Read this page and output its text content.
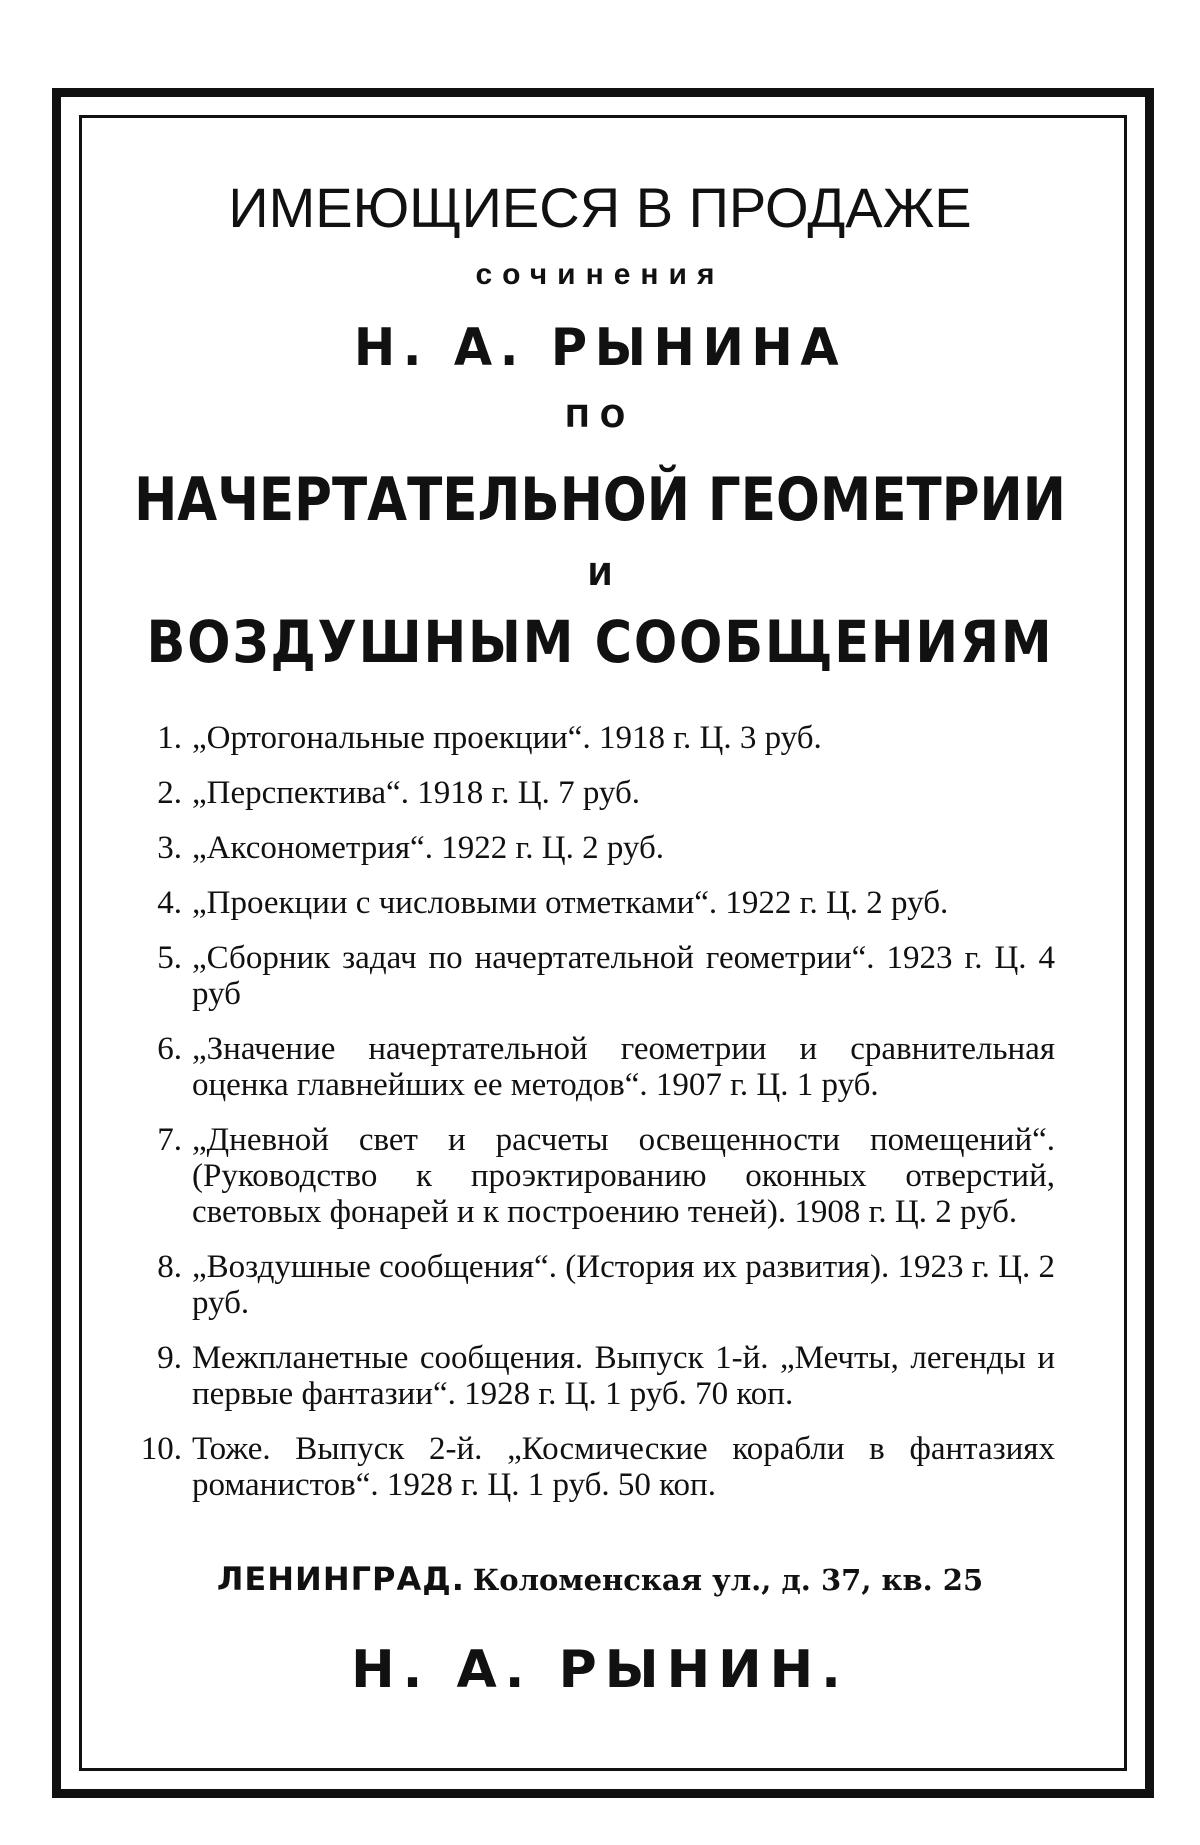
ИМЕЮЩИЕСЯ В ПРОДАЖЕ
сочинения
Н. А. РЫНИНА
ПО
НАЧЕРТАТЕЛЬНОЙ ГЕОМЕТРИИ
И
ВОЗДУШНЫМ СООБЩЕНИЯМ
1. „Ортогональные проекции“. 1918 г. Ц. 3 руб.
2. „Перспектива“. 1918 г. Ц. 7 руб.
3. „Аксонометрия“. 1922 г. Ц. 2 руб.
4. „Проекции с числовыми отметками“. 1922 г. Ц. 2 руб.
5. „Сборник задач по начертательной геометрии“. 1923 г. Ц. 4 руб
6. „Значение начертательной геометрии и сравнительная оценка главнейших ее методов“. 1907 г. Ц. 1 руб.
7. „Дневной свет и расчеты освещенности помещений“. (Руководство к проэктированию оконных отверстий, световых фонарей и к построению теней). 1908 г. Ц. 2 руб.
8. „Воздушные сообщения“. (История их развития). 1923 г. Ц. 2 руб.
9. Межпланетные сообщения. Выпуск 1-й. „Мечты, легенды и первые фантазии“. 1928 г. Ц. 1 руб. 70 коп.
10. Тоже. Выпуск 2-й. „Космические корабли в фантазиях романистов“. 1928 г. Ц. 1 руб. 50 коп.
ЛЕНИНГРАД. Коломенская ул., д. 37, кв. 25
Н. А. РЫНИН.
